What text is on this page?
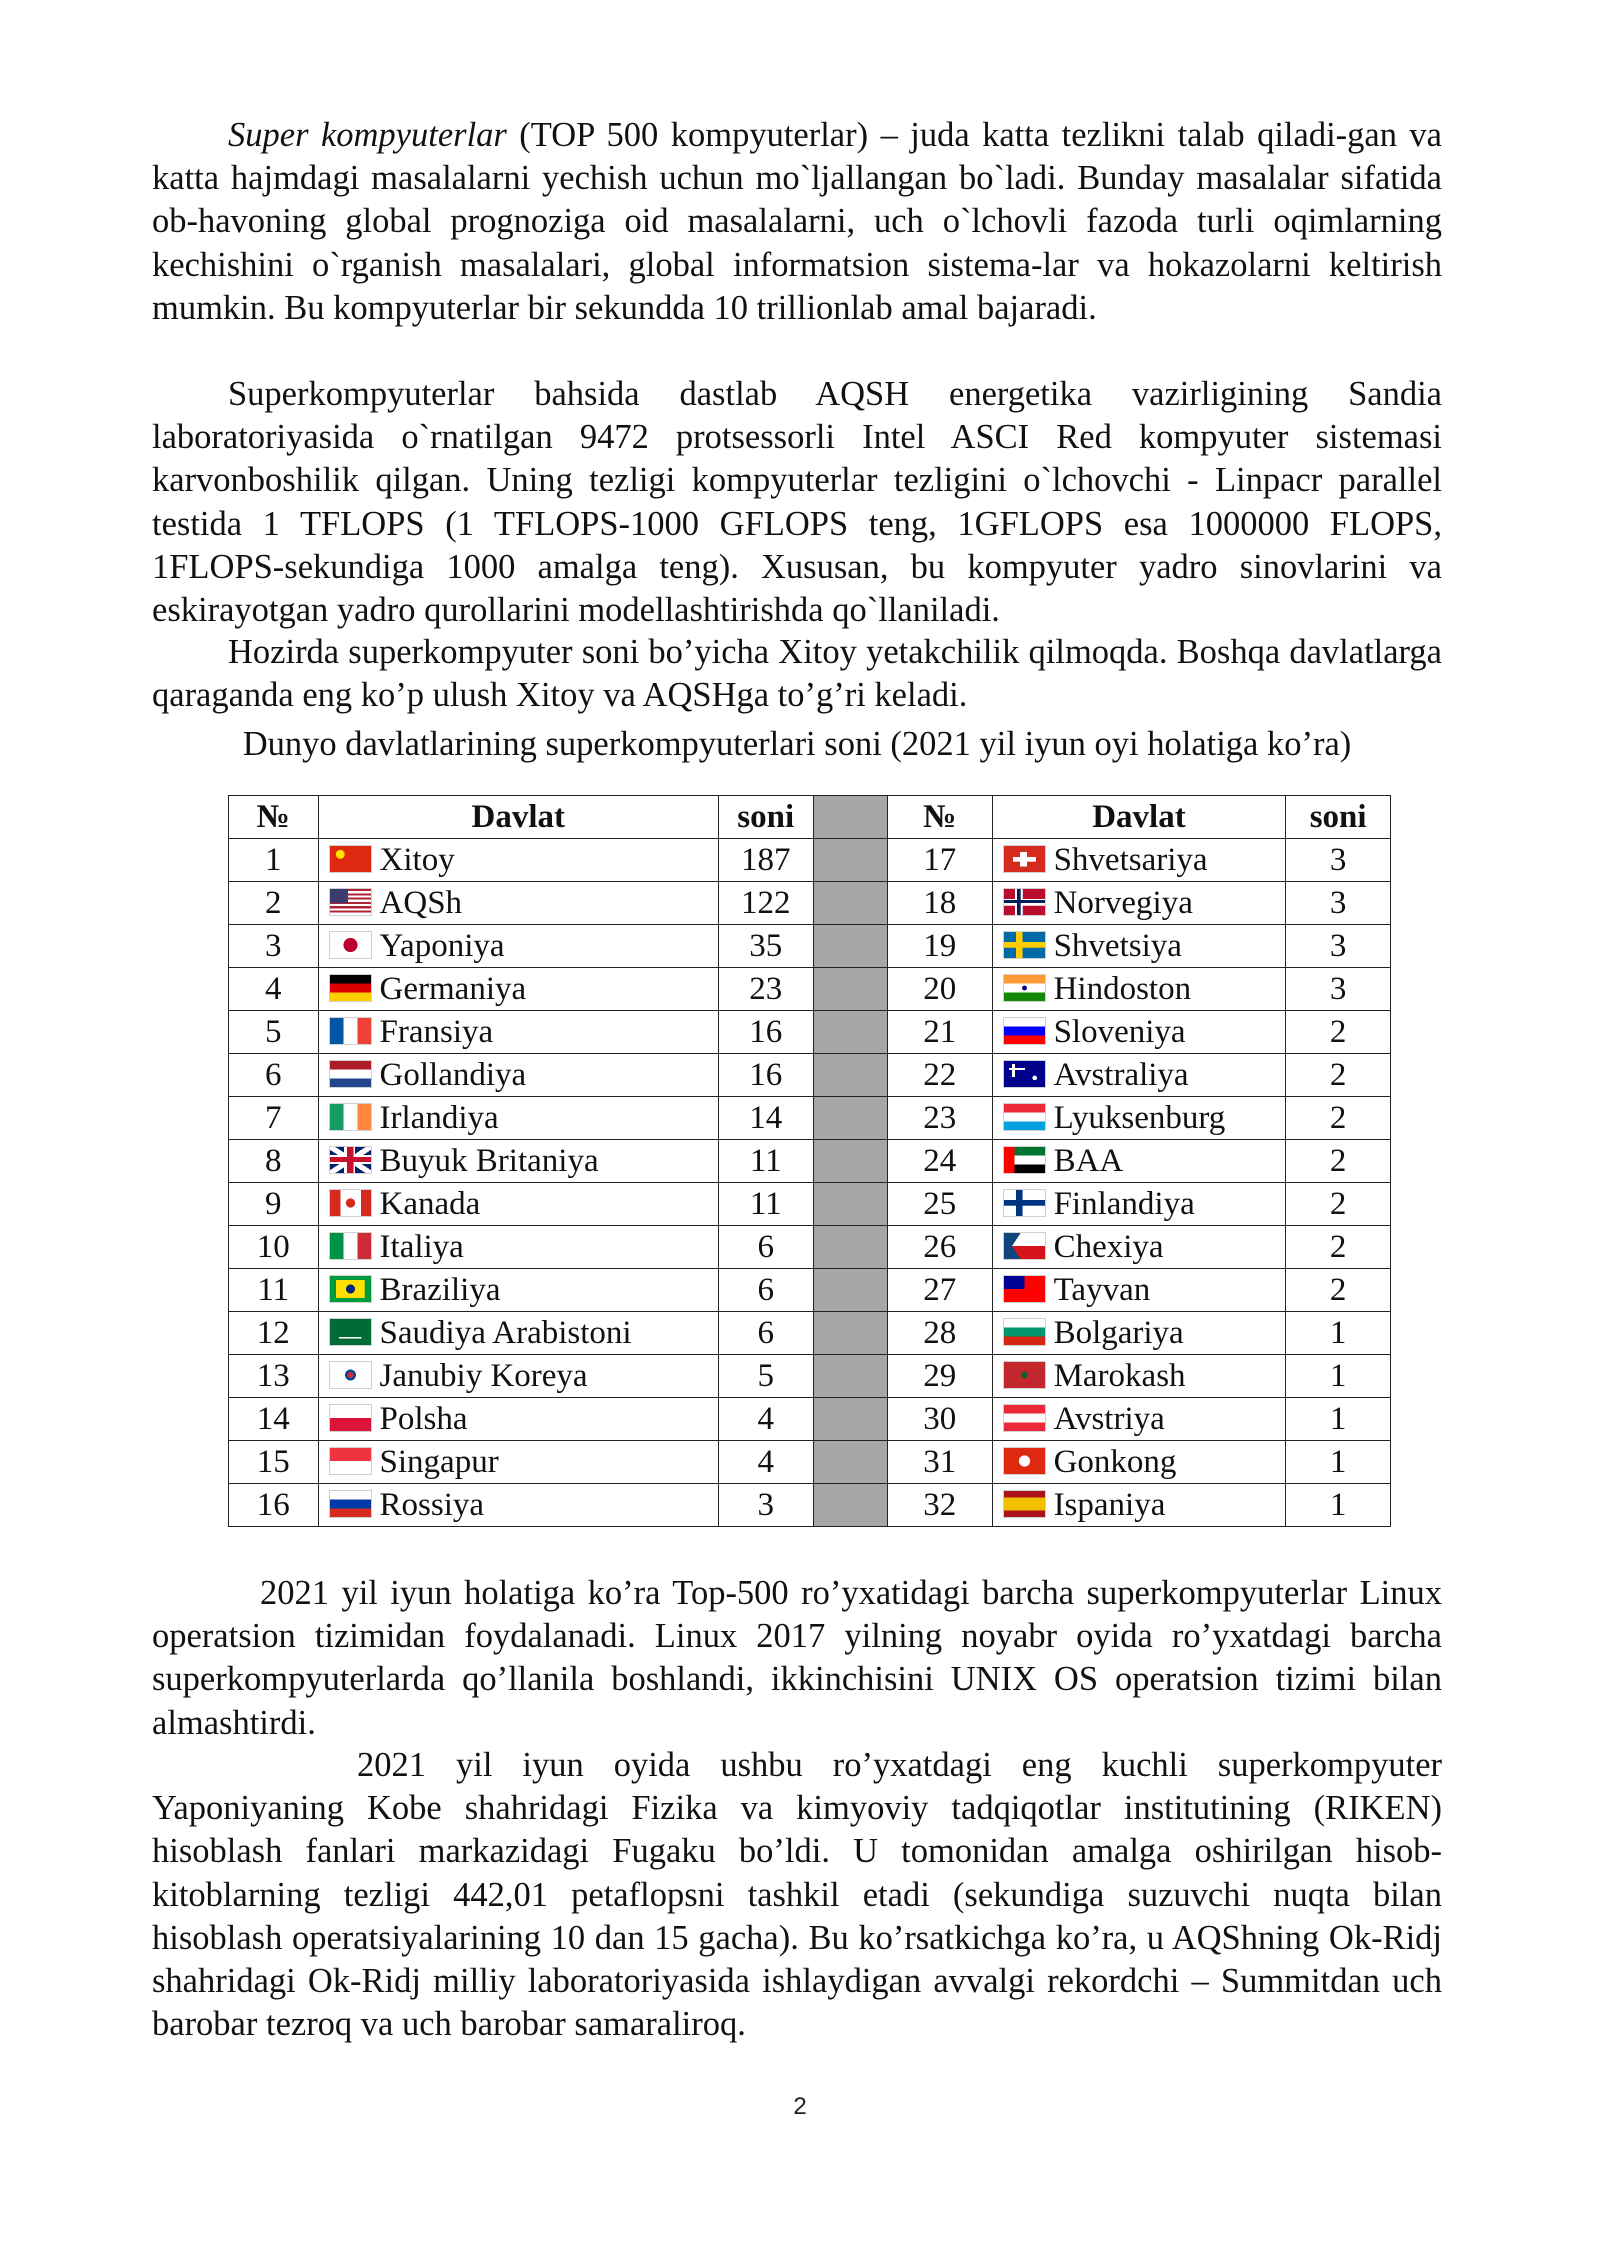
Super kompyuterlar (TOP 500 kompyuterlar) – juda katta tezlikni talab qiladi-gan va katta hajmdagi masalalarni yechish uchun mo`ljallangan bo`ladi. Bunday masalalar sifatida ob-havoning global prognoziga oid masalalarni, uch o`lchovli fazoda turli oqimlarning kechishini o`rganish masalalari, global informatsion sistema-lar va hokazolarni keltirish mumkin. Bu kompyuterlar bir sekundda 10 trillionlab amal bajaradi.

Superkompyuterlar bahsida dastlab AQSH energetika vazirligining Sandia laboratoriyasida o`rnatilgan 9472 protsessorli Intel ASCI Red kompyuter sistemasi karvonboshilik qilgan. Uning tezligi kompyuterlar tezligini o`lchovchi - Linpacr parallel testida 1 TFLOPS (1 TFLOPS-1000 GFLOPS teng, 1GFLOPS esa 1000000 FLOPS, 1FLOPS-sekundiga 1000 amalga teng). Xususan, bu kompyuter yadro sinovlarini va eskirayotgan yadro qurollarini modellashtirishda qo`llaniladi.

Hozirda superkompyuter soni bo’yicha Xitoy yetakchilik qilmoqda. Boshqa davlatlarga qaraganda eng ko’p ulush Xitoy va AQSHga to’g’ri keladi.

Dunyo davlatlarining superkompyuterlari soni (2021 yil iyun oyi holatiga ko’ra)

№	Davlat	soni		№	Davlat	soni
1	Xitoy	187		17	Shvetsariya	3
2	AQSh	122		18	Norvegiya	3
3	Yaponiya	35		19	Shvetsiya	3
4	Germaniya	23		20	Hindoston	3
5	Fransiya	16		21	Sloveniya	2
6	Gollandiya	16		22	Avstraliya	2
7	Irlandiya	14		23	Lyuksenburg	2
8	Buyuk Britaniya	11		24	BAA	2
9	Kanada	11		25	Finlandiya	2
10	Italiya	6		26	Chexiya	2
11	Braziliya	6		27	Tayvan	2
12	Saudiya Arabistoni	6		28	Bolgariya	1
13	Janubiy Koreya	5		29	Marokash	1
14	Polsha	4		30	Avstriya	1
15	Singapur	4		31	Gonkong	1
16	Rossiya	3		32	Ispaniya	1

2021 yil iyun holatiga ko’ra Top-500 ro’yxatidagi barcha superkompyuterlar Linux operatsion tizimidan foydalanadi. Linux 2017 yilning noyabr oyida ro’yxatdagi barcha superkompyuterlarda qo’llanila boshlandi, ikkinchisini UNIX OS operatsion tizimi bilan almashtirdi.

2021 yil iyun oyida ushbu ro’yxatdagi eng kuchli superkompyuter Yaponiyaning Kobe shahridagi Fizika va kimyoviy tadqiqotlar institutining (RIKEN) hisoblash fanlari markazidagi Fugaku bo’ldi. U tomonidan amalga oshirilgan hisob-kitoblarning tezligi 442,01 petaflopsni tashkil etadi (sekundiga suzuvchi nuqta bilan hisoblash operatsiyalarining 10 dan 15 gacha). Bu ko’rsatkichga ko’ra, u AQShning Ok-Ridj shahridagi Ok-Ridj milliy laboratoriyasida ishlaydigan avvalgi rekordchi – Summitdan uch barobar tezroq va uch barobar samaraliroq.

2
